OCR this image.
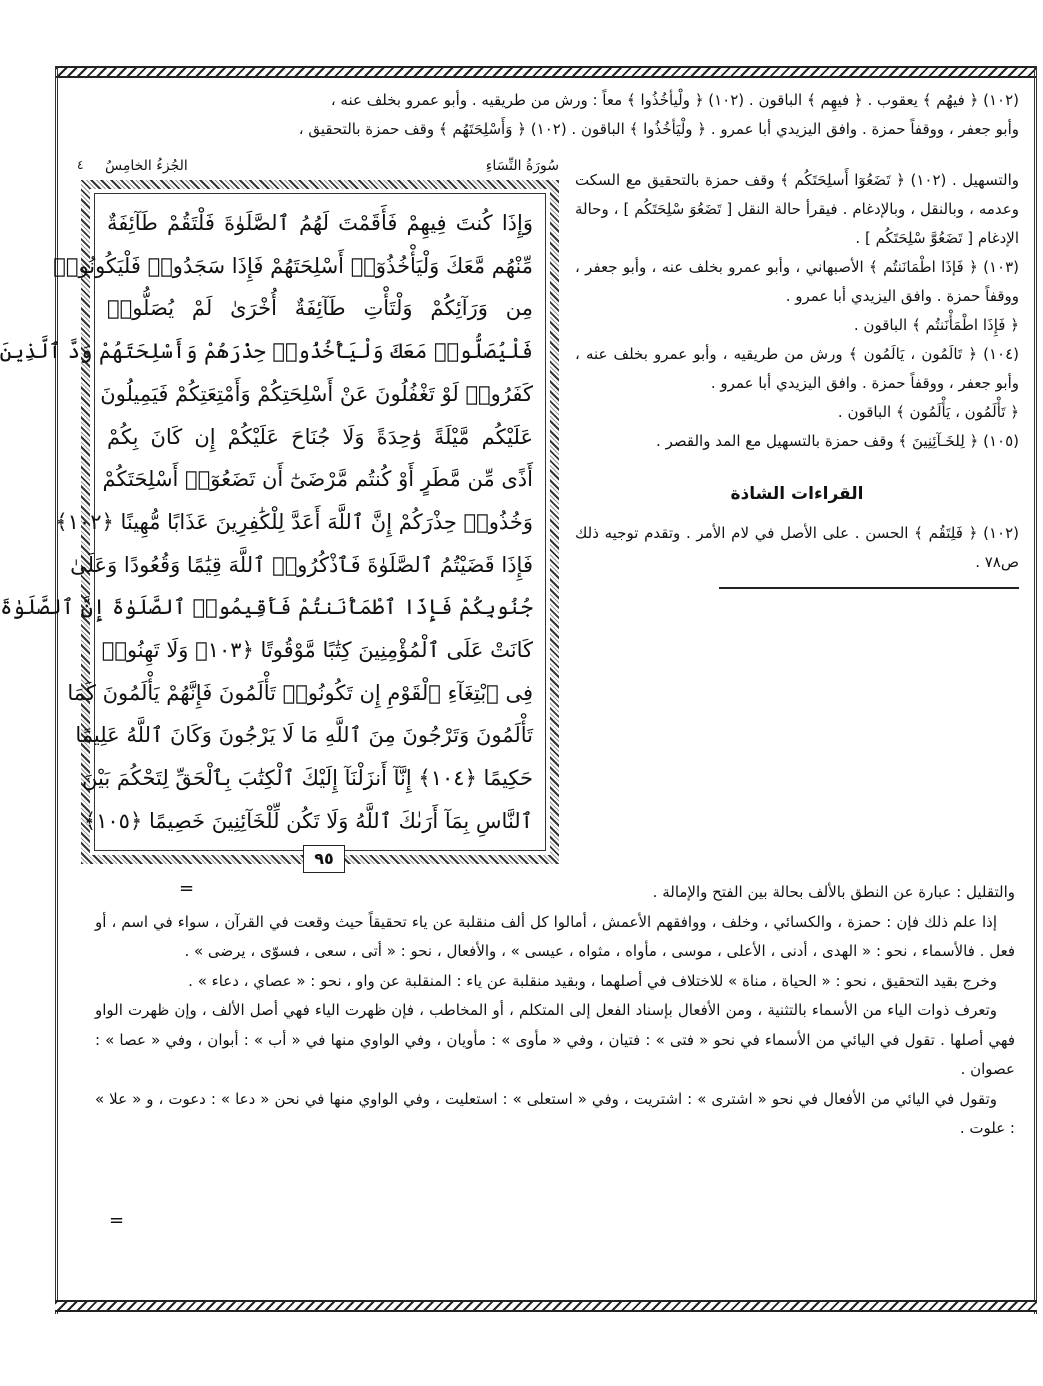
(١٠٢) ﴿ فيهُم ﴾ يعقوب . ﴿ فيهِم ﴾ الباقون . (١٠٢) ﴿ ولْيأخُذُوا ﴾ معاً : ورش من طريقيه . وأبو عمرو بخلف عنه ،

وأبو جعفر ، ووقفاً حمزة . وافق اليزيدي أبا عمرو . ﴿ ولْيَأخُذُوا ﴾ الباقون . (١٠٢) ﴿ وَأَسْلِحَتَهُم ﴾ وقف حمزة بالتحقيق ،

سُورَةُ النِّسَاءِ
الجُزءُ الخامِسُ
٤

وَإِذَا كُنتَ فِيهِمْ فَأَقَمْتَ لَهُمُ ٱلصَّلَوٰةَ فَلْتَقُمْ طَآئِفَةٌ

مِّنْهُم مَّعَكَ وَلْيَأْخُذُوٓا۟ أَسْلِحَتَهُمْ فَإِذَا سَجَدُوا۟ فَلْيَكُونُوا۟

مِن وَرَآئِكُمْ وَلْتَأْتِ طَآئِفَةٌ أُخْرَىٰ لَمْ يُصَلُّوا۟

فَلْيُصَلُّوا۟ مَعَكَ وَلْيَأْخُذُوا۟ حِذْرَهُمْ وَأَسْلِحَتَهُمْ وَدَّ ٱلَّذِينَ

كَفَرُوا۟ لَوْ تَغْفُلُونَ عَنْ أَسْلِحَتِكُمْ وَأَمْتِعَتِكُمْ فَيَمِيلُونَ

عَلَيْكُم مَّيْلَةً وَٰحِدَةً وَلَا جُنَاحَ عَلَيْكُمْ إِن كَانَ بِكُمْ

أَذًى مِّن مَّطَرٍ أَوْ كُنتُم مَّرْضَىٰٓ أَن تَضَعُوٓا۟ أَسْلِحَتَكُمْ

وَخُذُوا۟ حِذْرَكُمْ إِنَّ ٱللَّهَ أَعَدَّ لِلْكَٰفِرِينَ عَذَابًا مُّهِينًا ﴿١٠٢﴾

فَإِذَا قَضَيْتُمُ ٱلصَّلَوٰةَ فَٱذْكُرُوا۟ ٱللَّهَ قِيَٰمًا وَقُعُودًا وَعَلَىٰ

جُنُوبِكُمْ فَإِذَا ٱطْمَأْنَنتُمْ فَأَقِيمُوا۟ ٱلصَّلَوٰةَ إِنَّ ٱلصَّلَوٰةَ

كَانَتْ عَلَى ٱلْمُؤْمِنِينَ كِتَٰبًا مَّوْقُوتًا ﴿١٠٣﴾ وَلَا تَهِنُوا۟

فِى ٱبْتِغَآءِ ٱلْقَوْمِ إِن تَكُونُوا۟ تَأْلَمُونَ فَإِنَّهُمْ يَأْلَمُونَ كَمَا

تَأْلَمُونَ وَتَرْجُونَ مِنَ ٱللَّهِ مَا لَا يَرْجُونَ وَكَانَ ٱللَّهُ عَلِيمًا

حَكِيمًا ﴿١٠٤﴾ إِنَّآ أَنزَلْنَآ إِلَيْكَ ٱلْكِتَٰبَ بِٱلْحَقِّ لِتَحْكُمَ بَيْنَ

ٱلنَّاسِ بِمَآ أَرَىٰكَ ٱللَّهُ وَلَا تَكُن لِّلْخَآئِنِينَ خَصِيمًا ﴿١٠٥﴾

٩٥

والتسهيل . (١٠٢) ﴿ تَضَعُوٓا أَسلِحَتَكُم ﴾ وقف حمزة بالتحقيق مع السكت وعدمه ، وبالنقل ، وبالإدغام . فيقرأ حالة النقل [ تَضَعُوَ سْلِحَتَكُم ] ، وحالة الإدغام [ تَضَعُوَّ سْلِحَتَكُم ] .

(١٠٣) ﴿ فَإذَا اطْمَانَنتُم ﴾ الأصبهاني ، وأبو عمرو بخلف عنه ، وأبو جعفر ، ووقفاً حمزة . وافق اليزيدي أبا عمرو .

﴿ فَإِذَا اطْمَأْنَنتُم ﴾ الباقون .

(١٠٤) ﴿ تَالَمُون ، يَالَمُون ﴾ ورش من طريقيه ، وأبو عمرو بخلف عنه ، وأبو جعفر ، ووقفاً حمزة . وافق اليزيدي أبا عمرو .

﴿ تَأْلَمُون ، يَأْلَمُون ﴾ الباقون .

(١٠٥) ﴿ لِلخَـآئِنِينَ ﴾ وقف حمزة بالتسهيل مع المد والقصر .

القراءات الشاذة

(١٠٢) ﴿ فَلِتَقُم ﴾ الحسن . على الأصل في لام الأمر . وتقدم توجيه ذلك ص٧٨ .

=	والتقليل : عبارة عن النطق بالألف بحالة بين الفتح والإمالة .

إذا علم ذلك فإن : حمزة ، والكسائي ، وخلف ، ووافقهم الأعمش ، أمالوا كل ألف منقلبة عن ياء تحقيقاً حيث وقعت في القرآن ، سواء في اسم ، أو فعل . فالأسماء ، نحو : « الهدى ، أدنى ، الأعلى ، موسى ، مأواه ، مثواه ، عيسى » ، والأفعال ، نحو : « أتى ، سعى ، فسوّى ، يرضى » .

وخرج بقيد التحقيق ، نحو : « الحياة ، مناة » للاختلاف في أصلهما ، وبقيد منقلبة عن ياء : المنقلبة عن واو ، نحو : « عصاي ، دعاء » .

وتعرف ذوات الياء من الأسماء بالتثنية ، ومن الأفعال بإسناد الفعل إلى المتكلم ، أو المخاطب ، فإن ظهرت الياء فهي أصل الألف ، وإن ظهرت الواو فهي أصلها . تقول في اليائي من الأسماء في نحو « فتى » : فتيان ، وفي « مأوى » : مأويان ، وفي الواوي منها في « أب » : أبوان ، وفي « عصا » : عصوان .

وتقول في اليائي من الأفعال في نحو « اشترى » : اشتريت ، وفي « استعلى » : استعليت ، وفي الواوي منها في نحن « دعا » : دعوت ، و « علا » : علوت .

=
